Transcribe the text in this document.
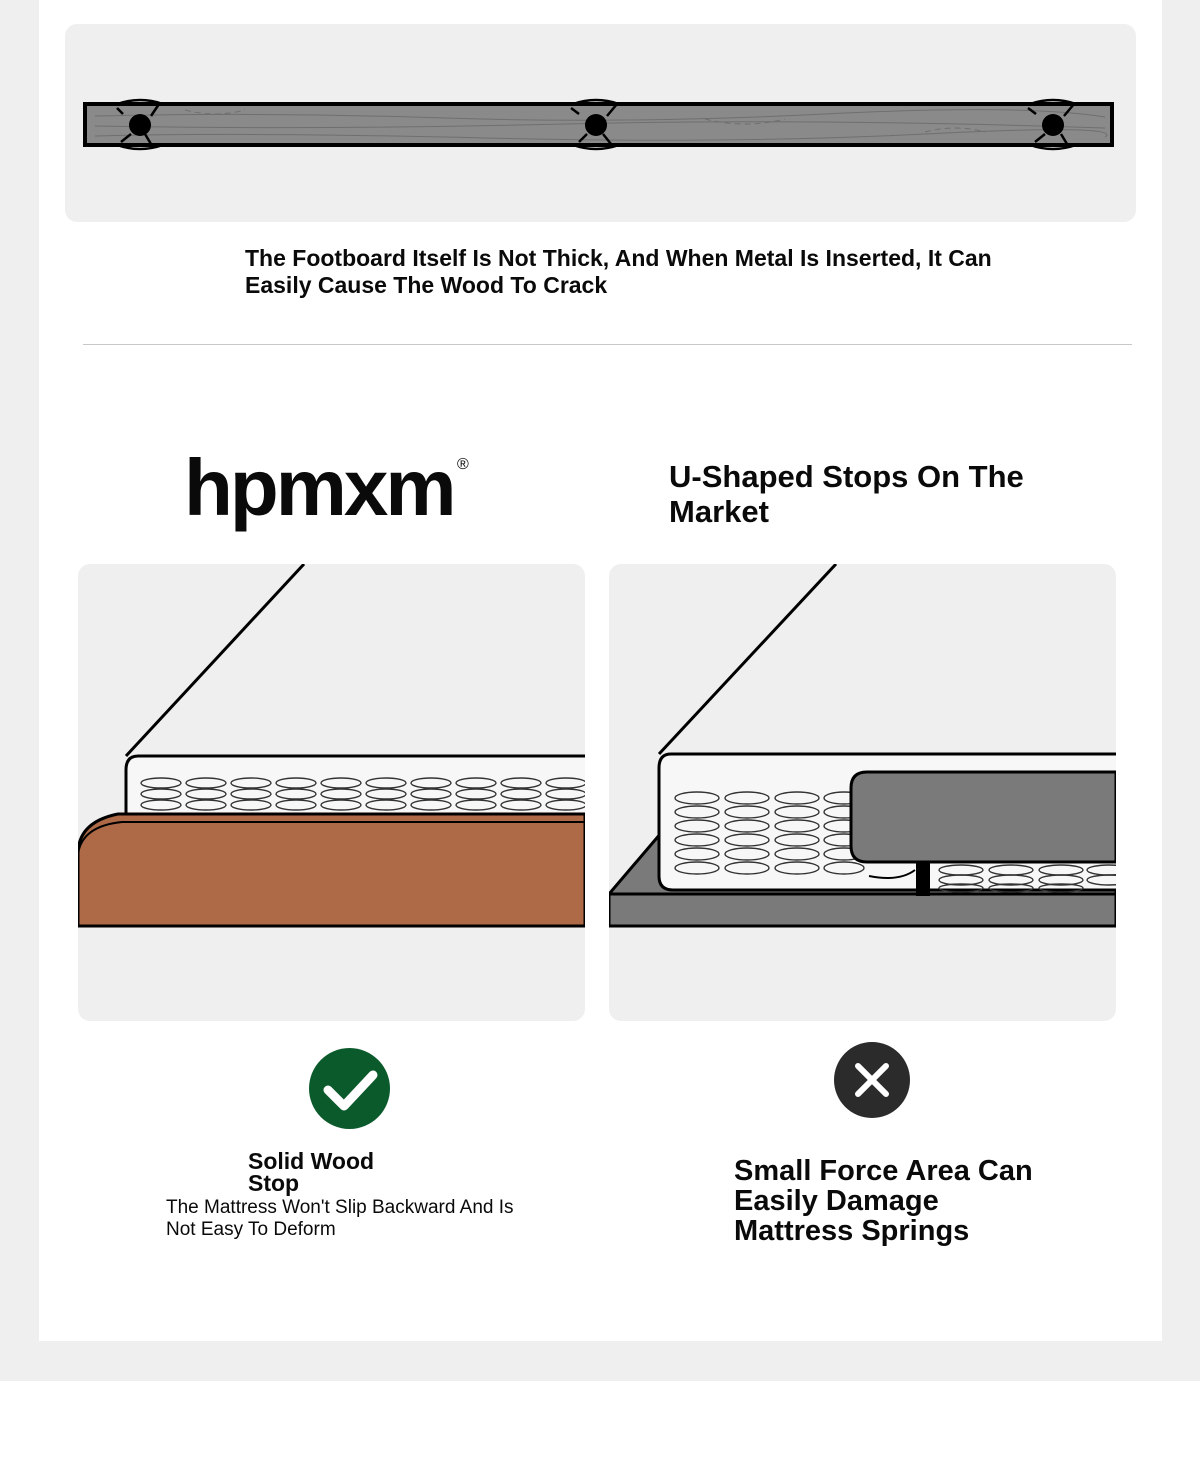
The Footboard Itself Is Not Thick, And When Metal Is Inserted, It Can Easily Cause The Wood To Crack
hpmxm ®	U-Shaped Stops On The Market
Solid Wood Stop
The Mattress Won't Slip Backward And Is Not Easy To Deform
Small Force Area Can Easily Damage Mattress Springs
